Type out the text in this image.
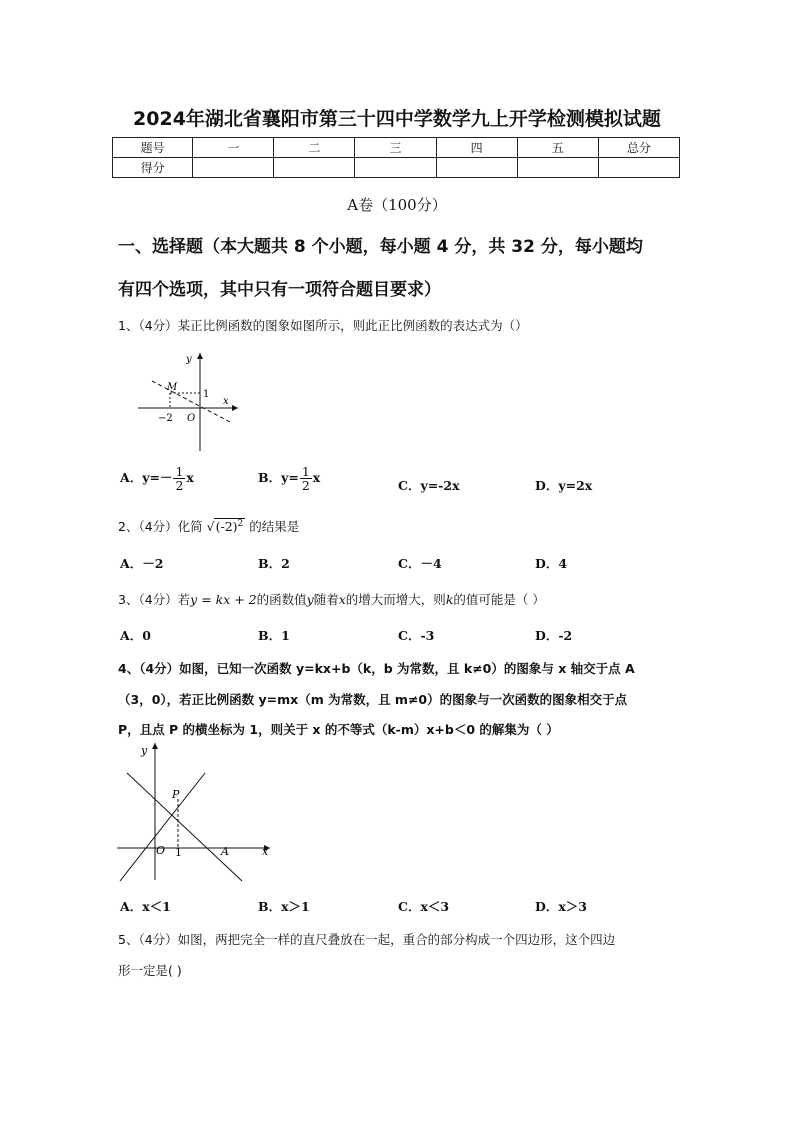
2024年湖北省襄阳市第三十四中学数学九上开学检测模拟试题
题号	一	二	三	四	五	总分
得分						
A卷（100分）
一、选择题（本大题共 8 个小题，每小题 4 分，共 32 分，每小题均
有四个选项，其中只有一项符合题目要求）
1、（4分）某正比例函数的图象如图所示，则此正比例函数的表达式为（）
y
x
M
1
−2 O
A．$y=- \frac{1}{2}$ x	B．$y= \frac{1}{2}$ x
C．y=-2x	D．y=2x
2、（4分）化简 $√(-2)^2$ 的结果是
A．－2	B．2	C．－4	D．4
3、（4分）若y = kx + 2的函数值y随着x的增大而增大，则k的值可能是（ ）
A．0	B．1	C．-3	D．-2
4、（4分）如图，已知一次函数 y=kx+b（k，b 为常数，且 k≠0）的图象与 x 轴交于点 A
（3，0），若正比例函数 y=mx（m 为常数，且 m≠0）的图象与一次函数的图象相交于点
P，且点 P 的横坐标为 1，则关于 x 的不等式（k-m）x+b＜0 的解集为（ ）
y
x
P
O 1	A
A．x＜1	B．x＞1	C．x＜3	D．x＞3
5、（4分）如图，两把完全一样的直尺叠放在一起，重合的部分构成一个四边形，这个四边
形一定是( )
